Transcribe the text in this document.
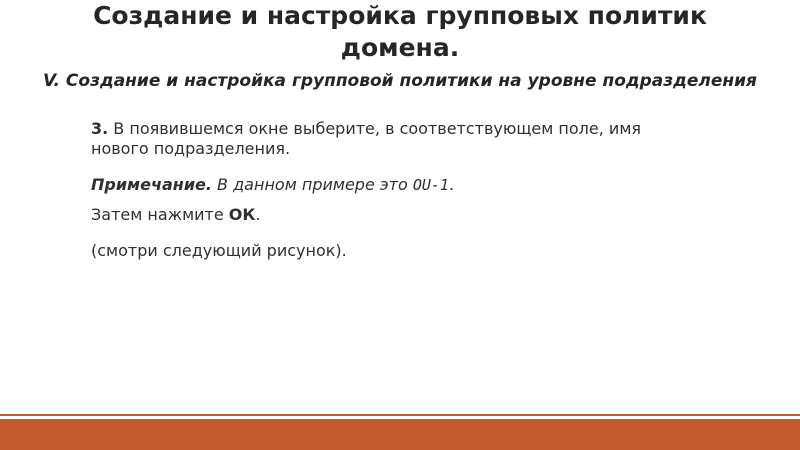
Создание и настройка групповых политик домена.
V. Создание и настройка групповой политики на уровне подразделения

3. В появившемся окне выберите, в соответствующем поле, имя нового подразделения.

Примечание. В данном примере это OU-1.

Затем нажмите ОК.

(смотри следующий рисунок).
